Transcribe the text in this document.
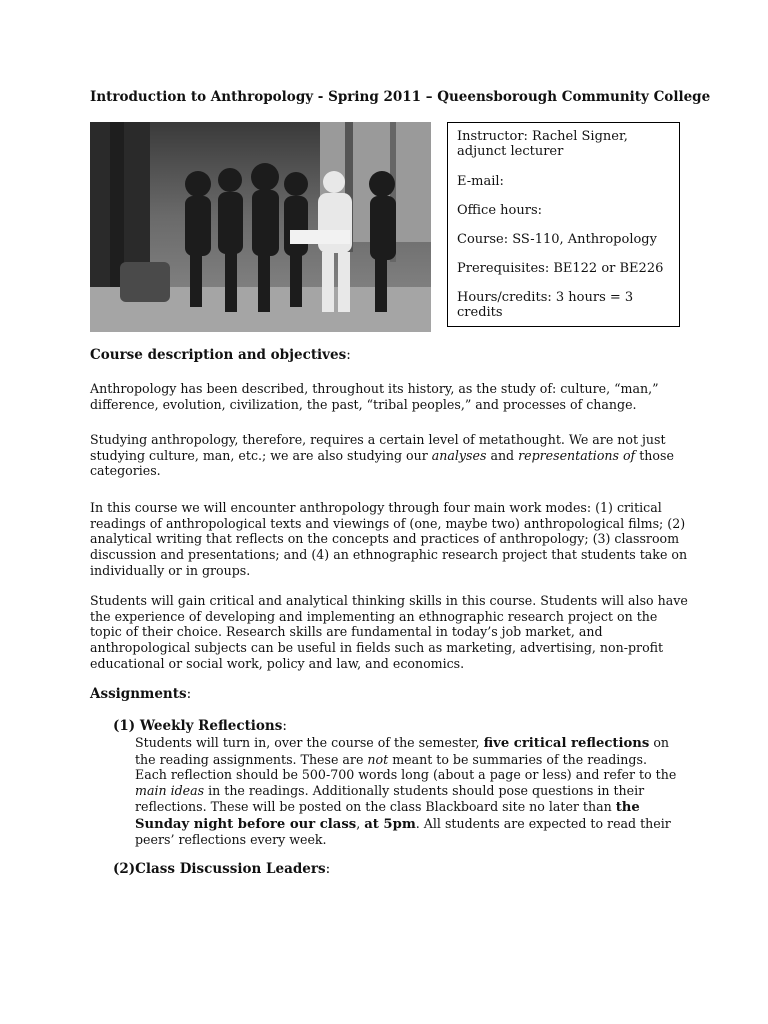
Introduction to Anthropology - Spring 2011 – Queensborough Community College

Instructor: Rachel Signer,
adjunct lecturer

E-mail:

Office hours:

Course: SS-110, Anthropology

Prerequisites: BE122 or BE226

Hours/credits: 3 hours = 3 credits

Course description and objectives:

Anthropology has been described, throughout its history, as the study of: culture, “man,” difference, evolution, civilization, the past, “tribal peoples,” and processes of change.

Studying anthropology, therefore, requires a certain level of metathought. We are not just studying culture, man, etc.; we are also studying our analyses and representations of those categories.

In this course we will encounter anthropology through four main work modes: (1) critical readings of anthropological texts and viewings of (one, maybe two) anthropological films; (2) analytical writing that reflects on the concepts and practices of anthropology; (3) classroom discussion and presentations; and (4) an ethnographic research project that students take on individually or in groups.

Students will gain critical and analytical thinking skills in this course. Students will also have the experience of developing and implementing an ethnographic research project on the topic of their choice. Research skills are fundamental in today’s job market, and anthropological subjects can be useful in fields such as marketing, advertising, non-profit educational or social work, policy and law, and economics.

Assignments:
(1) Weekly Reflections:

Students will turn in, over the course of the semester, five critical reflections on the reading assignments. These are not meant to be summaries of the readings. Each reflection should be 500-700 words long (about a page or less) and refer to the main ideas in the readings. Additionally students should pose questions in their reflections. These will be posted on the class Blackboard site no later than the Sunday night before our class, at 5pm. All students are expected to read their peers’ reflections every week.

(2)Class Discussion Leaders:
